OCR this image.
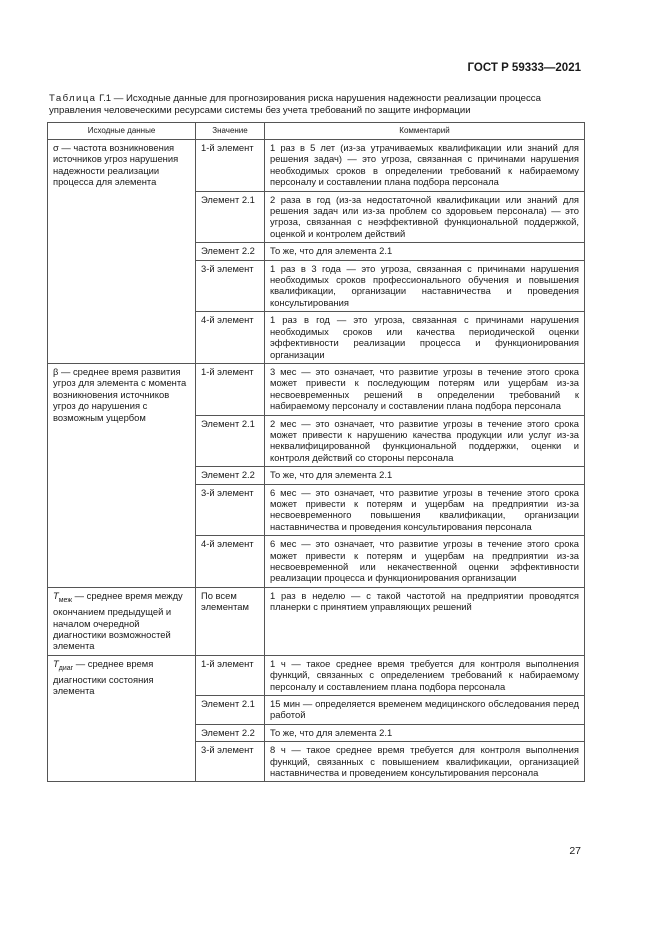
ГОСТ Р 59333—2021
Таблица Г.1 — Исходные данные для прогнозирования риска нарушения надежности реализации процесса управления человеческими ресурсами системы без учета требований по защите информации
Исходные данные	Значение	Комментарий
σ — частота возникновения источников угроз нарушения надежности реализации процесса для элемента	1-й элемент	1 раз в 5 лет (из-за утрачиваемых квалификации или знаний для решения задач) — это угроза, связанная с причинами нарушения необходимых сроков в определении требований к набираемому персоналу и составлении плана подбора персонала
	Элемент 2.1	2 раза в год (из-за недостаточной квалификации или знаний для решения задач или из-за проблем со здоровьем персонала) — это угроза, связанная с неэффективной функциональной поддержкой, оценкой и контролем действий
	Элемент 2.2	То же, что для элемента 2.1
	3-й элемент	1 раз в 3 года — это угроза, связанная с причинами нарушения необходимых сроков профессионального обучения и повышения квалификации, организации наставничества и проведения консультирования
	4-й элемент	1 раз в год — это угроза, связанная с причинами нарушения необходимых сроков или качества периодической оценки эффективности реализации процесса и функционирования организации
β — среднее время развития угроз для элемента с момента возникновения источников угроз до нарушения с возможным ущербом	1-й элемент	3 мес — это означает, что развитие угрозы в течение этого срока может привести к последующим потерям или ущербам из-за несвоевременных решений в определении требований к набираемому персоналу и составлении плана подбора персонала
	Элемент 2.1	2 мес — это означает, что развитие угрозы в течение этого срока может привести к нарушению качества продукции или услуг из-за неквалифицированной функциональной поддержки, оценки и контроля действий со стороны персонала
	Элемент 2.2	То же, что для элемента 2.1
	3-й элемент	6 мес — это означает, что развитие угрозы в течение этого срока может привести к потерям и ущербам на предприятии из-за несвоевременного повышения квалификации, организации наставничества и проведения консультирования персонала
	4-й элемент	6 мес — это означает, что развитие угрозы в течение этого срока может привести к потерям и ущербам на предприятии из-за несвоевременной или некачественной оценки эффективности реализации процесса и функционирования организации
$T_{меж}$ — среднее время между окончанием предыдущей и началом очередной диагностики возможностей элемента	По всем элементам	1 раз в неделю — с такой частотой на предприятии проводятся планерки с принятием управляющих решений
$T_{диаг}$ — среднее время диагностики состояния элемента	1-й элемент	1 ч — такое среднее время требуется для контроля выполнения функций, связанных с определением требований к набираемому персоналу и составлением плана подбора персонала
	Элемент 2.1	15 мин — определяется временем медицинского обследования перед работой
	Элемент 2.2	То же, что для элемента 2.1
	3-й элемент	8 ч — такое среднее время требуется для контроля выполнения функций, связанных с повышением квалификации, организацией наставничества и проведением консультирования персонала
27
